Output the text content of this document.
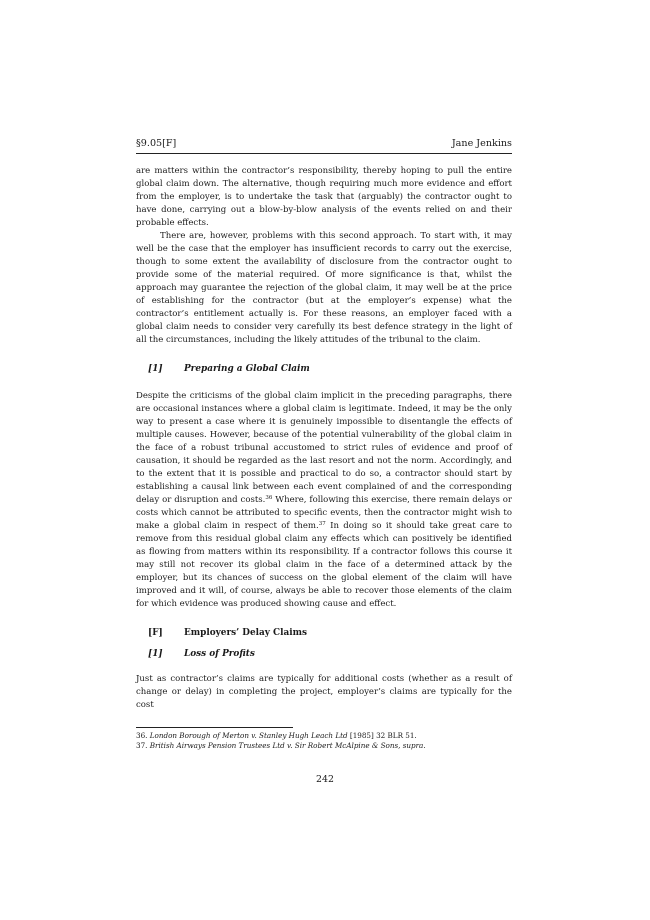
§9.05[F]	Jane Jenkins

are matters within the contractor’s responsibility, thereby hoping to pull the entire global claim down. The alternative, though requiring much more evidence and effort from the employer, is to undertake the task that (arguably) the contractor ought to have done, carrying out a blow-by-blow analysis of the events relied on and their probable effects.

There are, however, problems with this second approach. To start with, it may well be the case that the employer has insufficient records to carry out the exercise, though to some extent the availability of disclosure from the contractor ought to provide some of the material required. Of more significance is that, whilst the approach may guarantee the rejection of the global claim, it may well be at the price of establishing for the contractor (but at the employer’s expense) what the contractor’s entitlement actually is. For these reasons, an employer faced with a global claim needs to consider very carefully its best defence strategy in the light of all the circumstances, including the likely attitudes of the tribunal to the claim.

[1]	Preparing a Global Claim

Despite the criticisms of the global claim implicit in the preceding paragraphs, there are occasional instances where a global claim is legitimate. Indeed, it may be the only way to present a case where it is genuinely impossible to disentangle the effects of multiple causes. However, because of the potential vulnerability of the global claim in the face of a robust tribunal accustomed to strict rules of evidence and proof of causation, it should be regarded as the last resort and not the norm. Accordingly, and to the extent that it is possible and practical to do so, a contractor should start by establishing a causal link between each event complained of and the corresponding delay or disruption and costs.$^{36}$ Where, following this exercise, there remain delays or costs which cannot be attributed to specific events, then the contractor might wish to make a global claim in respect of them.$^{37}$ In doing so it should take great care to remove from this residual global claim any effects which can positively be identified as flowing from matters within its responsibility. If a contractor follows this course it may still not recover its global claim in the face of a determined attack by the employer, but its chances of success on the global element of the claim will have improved and it will, of course, always be able to recover those elements of the claim for which evidence was produced showing cause and effect.

[F]	Employers’ Delay Claims
[1]	Loss of Profits

Just as contractor’s claims are typically for additional costs (whether as a result of change or delay) in completing the project, employer’s claims are typically for the cost

36. London Borough of Merton v. Stanley Hugh Leach Ltd [1985] 32 BLR 51.
37. British Airways Pension Trustees Ltd v. Sir Robert McAlpine & Sons, supra.
242
